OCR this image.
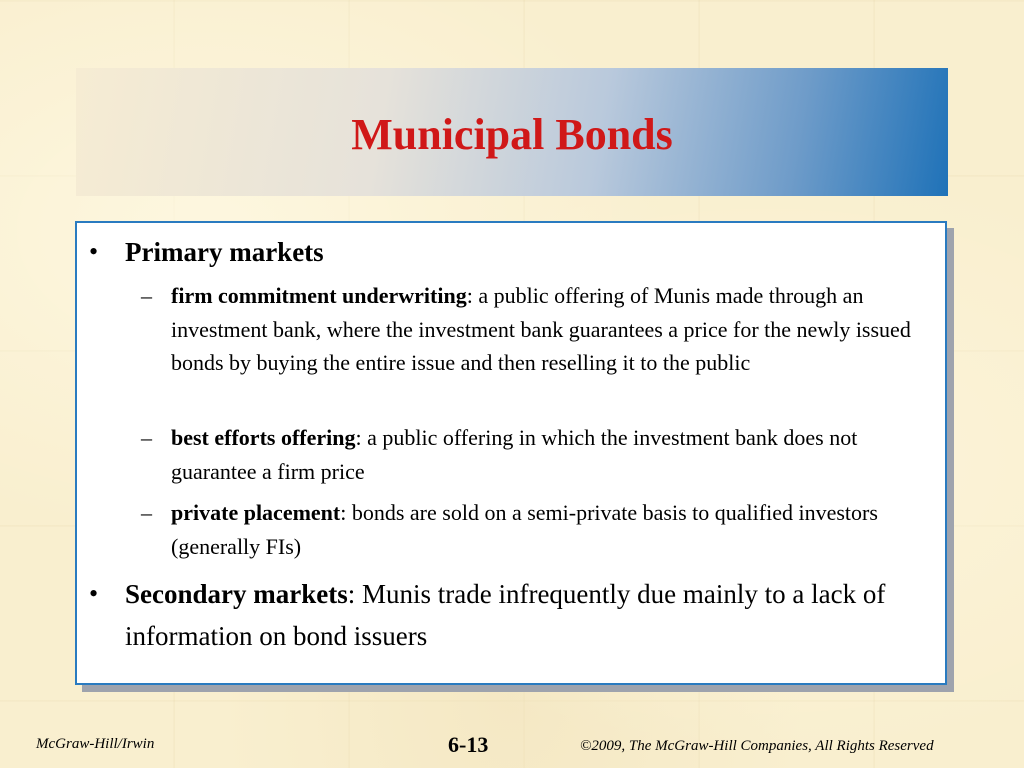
Municipal Bonds
• Primary markets
– firm commitment underwriting: a public offering of Munis made through an investment bank, where the investment bank guarantees a price for the newly issued bonds by buying the entire issue and then reselling it to the public
– best efforts offering: a public offering in which the investment bank does not guarantee a firm price
– private placement: bonds are sold on a semi-private basis to qualified investors (generally FIs)
• Secondary markets: Munis trade infrequently due mainly to a lack of information on bond issuers
McGraw-Hill/Irwin	6-13	©2009, The McGraw-Hill Companies, All Rights Reserved
